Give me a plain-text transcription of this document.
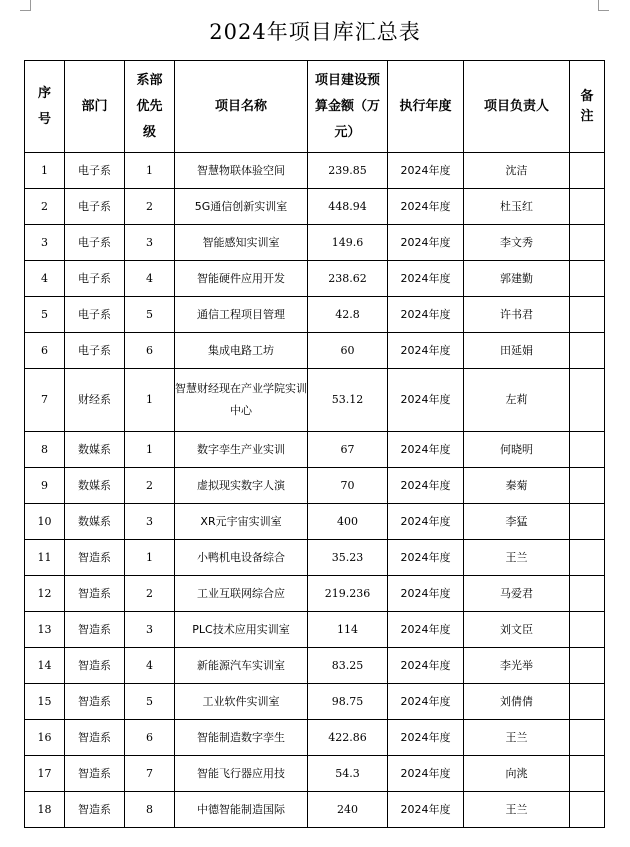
2024年项目库汇总表
序号	部门	系部优先级	项目名称	项目建设预算金额（万元）	执行年度	项目负责人	备注
1	电子系	1	智慧物联体验空间	239.85	2024年度	沈洁	
2	电子系	2	5G通信创新实训室	448.94	2024年度	杜玉红	
3	电子系	3	智能感知实训室	149.6	2024年度	李文秀	
4	电子系	4	智能硬件应用开发	238.62	2024年度	郭建勤	
5	电子系	5	通信工程项目管理	42.8	2024年度	许书君	
6	电子系	6	集成电路工坊	60	2024年度	田延娟	
7	财经系	1	智慧财经现在产业学院实训中心	53.12	2024年度	左莉	
8	数媒系	1	数字孪生产业实训	67	2024年度	何晓明	
9	数媒系	2	虚拟现实数字人演	70	2024年度	秦菊	
10	数媒系	3	XR元宇宙实训室	400	2024年度	李猛	
11	智造系	1	小鸭机电设备综合	35.23	2024年度	王兰	
12	智造系	2	工业互联网综合应	219.236	2024年度	马爱君	
13	智造系	3	PLC技术应用实训室	114	2024年度	刘文臣	
14	智造系	4	新能源汽车实训室	83.25	2024年度	李光举	
15	智造系	5	工业软件实训室	98.75	2024年度	刘倩倩	
16	智造系	6	智能制造数字孪生	422.86	2024年度	王兰	
17	智造系	7	智能飞行器应用技	54.3	2024年度	向洮	
18	智造系	8	中德智能制造国际	240	2024年度	王兰	
